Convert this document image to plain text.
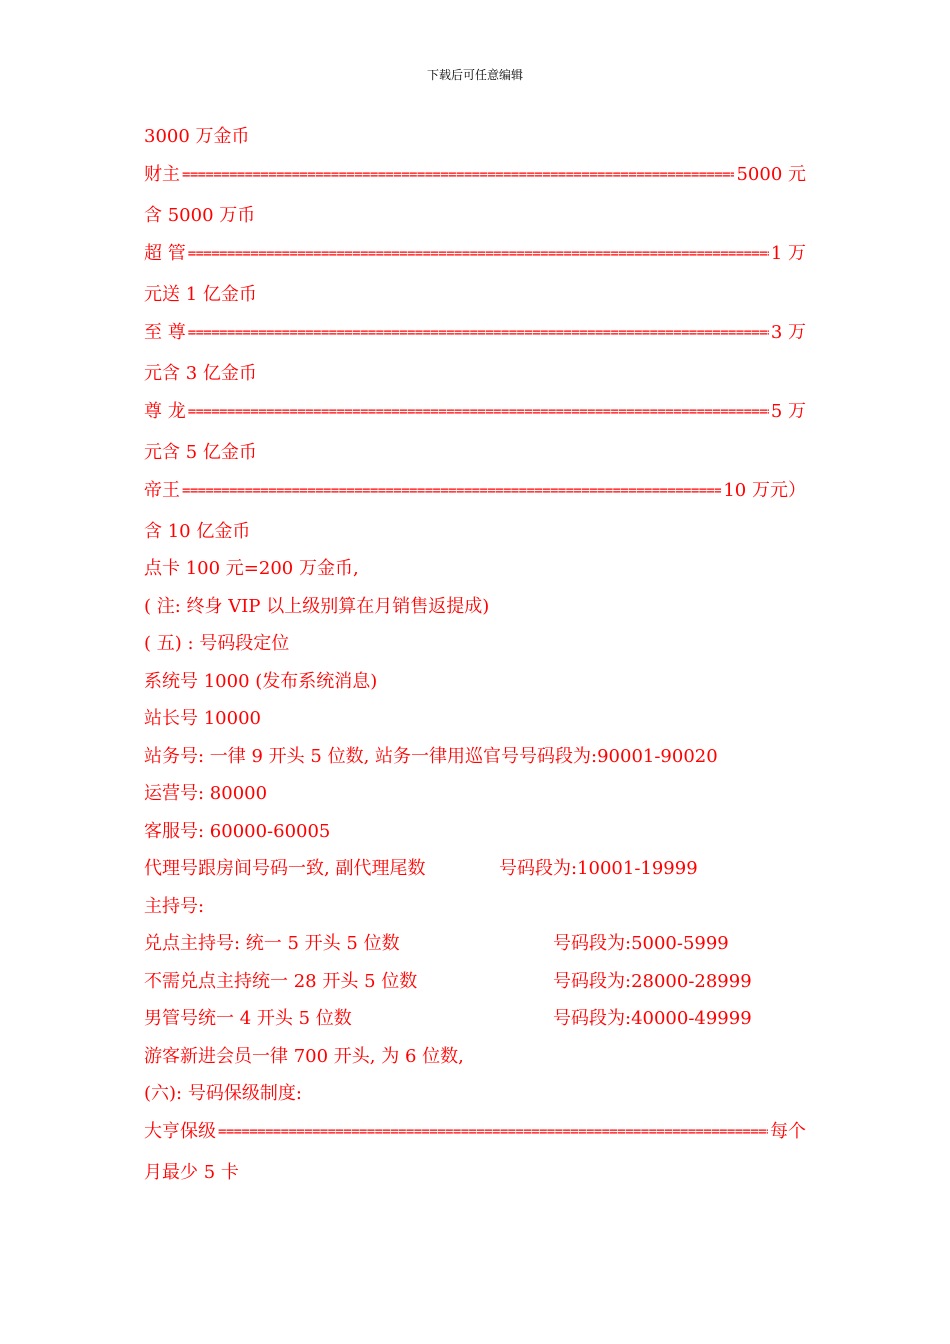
下载后可任意编辑
3000 万金币
财主 =====	5000 元
含 5000 万币
超 管 =====	1 万
元送 1 亿金币
至 尊 =====	3 万
元含 3 亿金币
尊 龙 =====	5 万
元含 5 亿金币
帝王 =====	10 万元）
含 10 亿金币
点卡 100 元=200 万金币,
( 注: 终身 VIP 以上级别算在月销售返提成)
( 五) : 号码段定位
系统号 1000 (发布系统消息)
站长号 10000
站务号: 一律 9 开头 5 位数, 站务一律用巡官号号码段为:90001-90020
运营号: 80000
客服号: 60000-60005
代理号跟房间号码一致, 副代理尾数	号码段为:10001-19999
主持号:
兑点主持号: 统一 5 开头 5 位数	号码段为:5000-5999
不需兑点主持统一 28 开头 5 位数	号码段为:28000-28999
男管号统一 4 开头 5 位数	号码段为:40000-49999
游客新进会员一律 700 开头, 为 6 位数,
(六): 号码保级制度:
大亨保级 =====	每个
月最少 5 卡
